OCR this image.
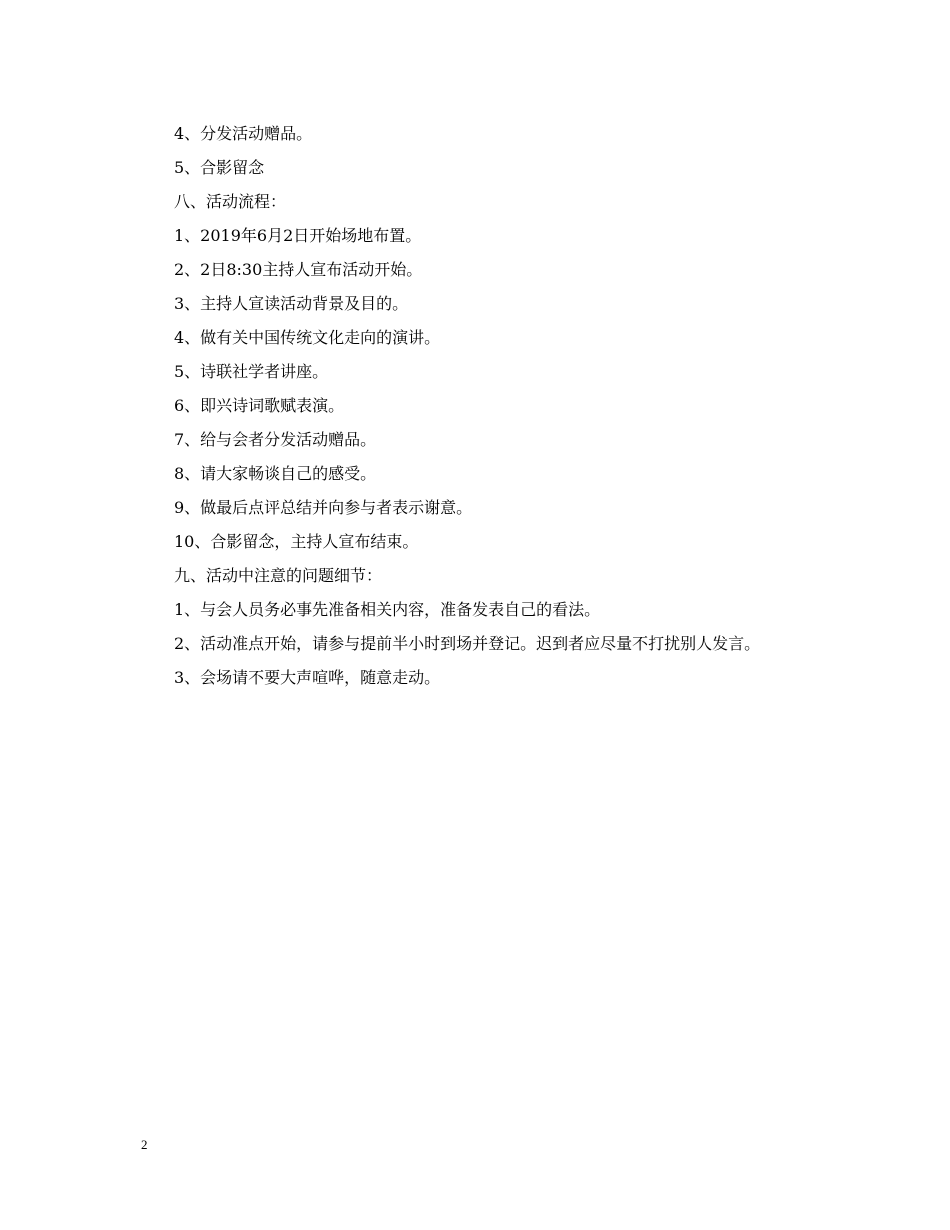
4、分发活动赠品。

5、合影留念

八、活动流程：

1、2019年6月2日开始场地布置。

2、2日8:30主持人宣布活动开始。

3、主持人宣读活动背景及目的。

4、做有关中国传统文化走向的演讲。

5、诗联社学者讲座。

6、即兴诗词歌赋表演。

7、给与会者分发活动赠品。

8、请大家畅谈自己的感受。

9、做最后点评总结并向参与者表示谢意。

10、合影留念，主持人宣布结束。

九、活动中注意的问题细节：

1、与会人员务必事先准备相关内容，准备发表自己的看法。

2、活动准点开始，请参与提前半小时到场并登记。迟到者应尽量不打扰别人发言。

3、会场请不要大声喧哗，随意走动。

2
